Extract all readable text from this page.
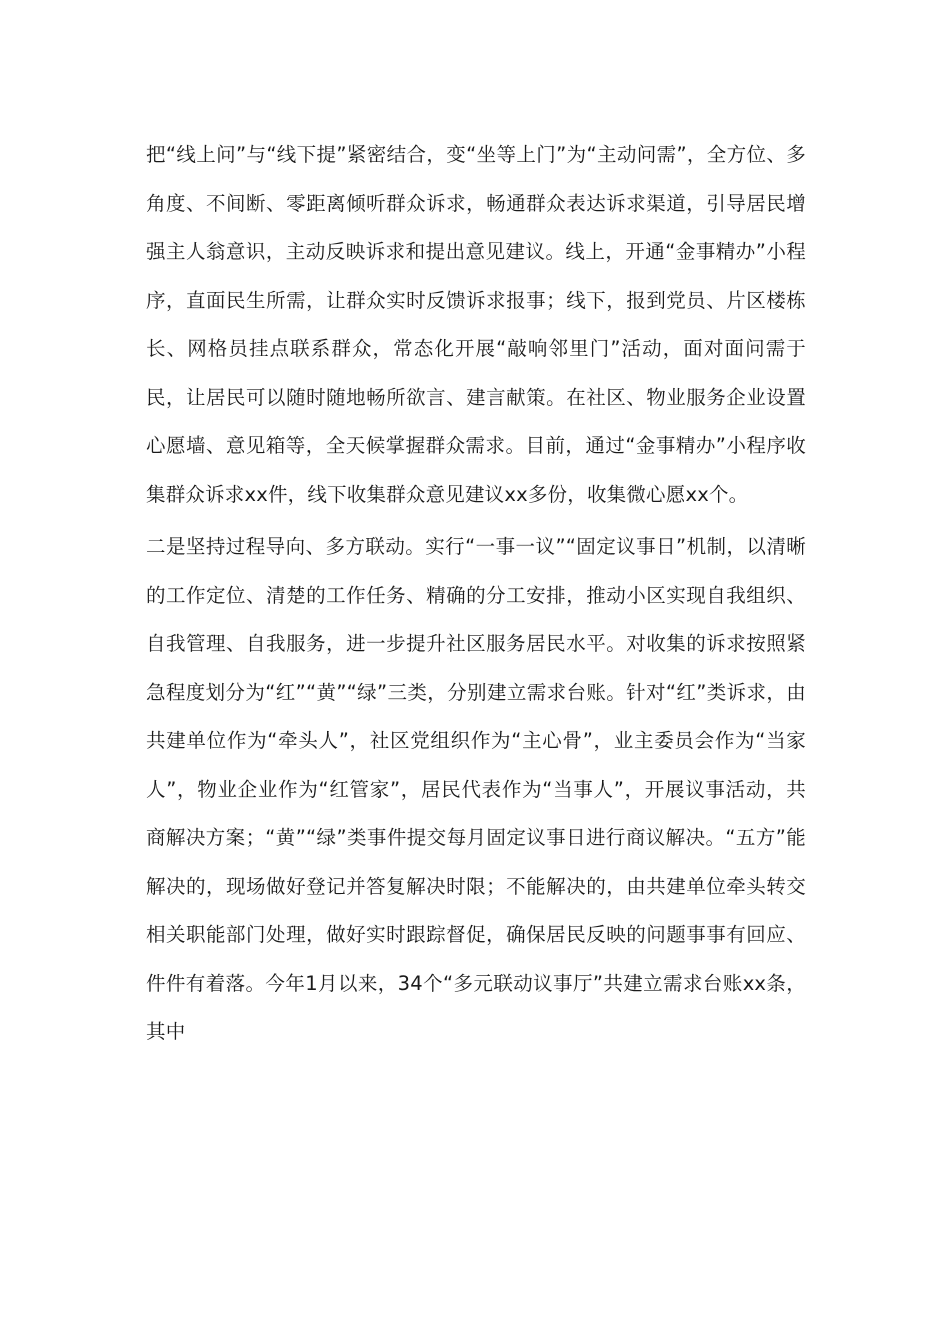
把“线上问”与“线下提”紧密结合，变“坐等上门”为“主动问需”，全方位、多角度、不间断、零距离倾听群众诉求，畅通群众表达诉求渠道，引导居民增强主人翁意识，主动反映诉求和提出意见建议。线上，开通“金事精办”小程序，直面民生所需，让群众实时反馈诉求报事；线下，报到党员、片区楼栋长、网格员挂点联系群众，常态化开展“敲响邻里门”活动，面对面问需于民，让居民可以随时随地畅所欲言、建言献策。在社区、物业服务企业设置心愿墙、意见箱等，全天候掌握群众需求。目前，通过“金事精办”小程序收集群众诉求xx件，线下收集群众意见建议xx多份，收集微心愿xx个。

二是坚持过程导向、多方联动。实行“一事一议”“固定议事日”机制，以清晰的工作定位、清楚的工作任务、精确的分工安排，推动小区实现自我组织、自我管理、自我服务，进一步提升社区服务居民水平。对收集的诉求按照紧急程度划分为“红”“黄”“绿”三类，分别建立需求台账。针对“红”类诉求，由共建单位作为“牵头人”，社区党组织作为“主心骨”，业主委员会作为“当家人”，物业企业作为“红管家”，居民代表作为“当事人”，开展议事活动，共商解决方案；“黄”“绿”类事件提交每月固定议事日进行商议解决。“五方”能解决的，现场做好登记并答复解决时限；不能解决的，由共建单位牵头转交相关职能部门处理，做好实时跟踪督促，确保居民反映的问题事事有回应、件件有着落。今年1月以来，34个“多元联动议事厅”共建立需求台账xx条，其中
